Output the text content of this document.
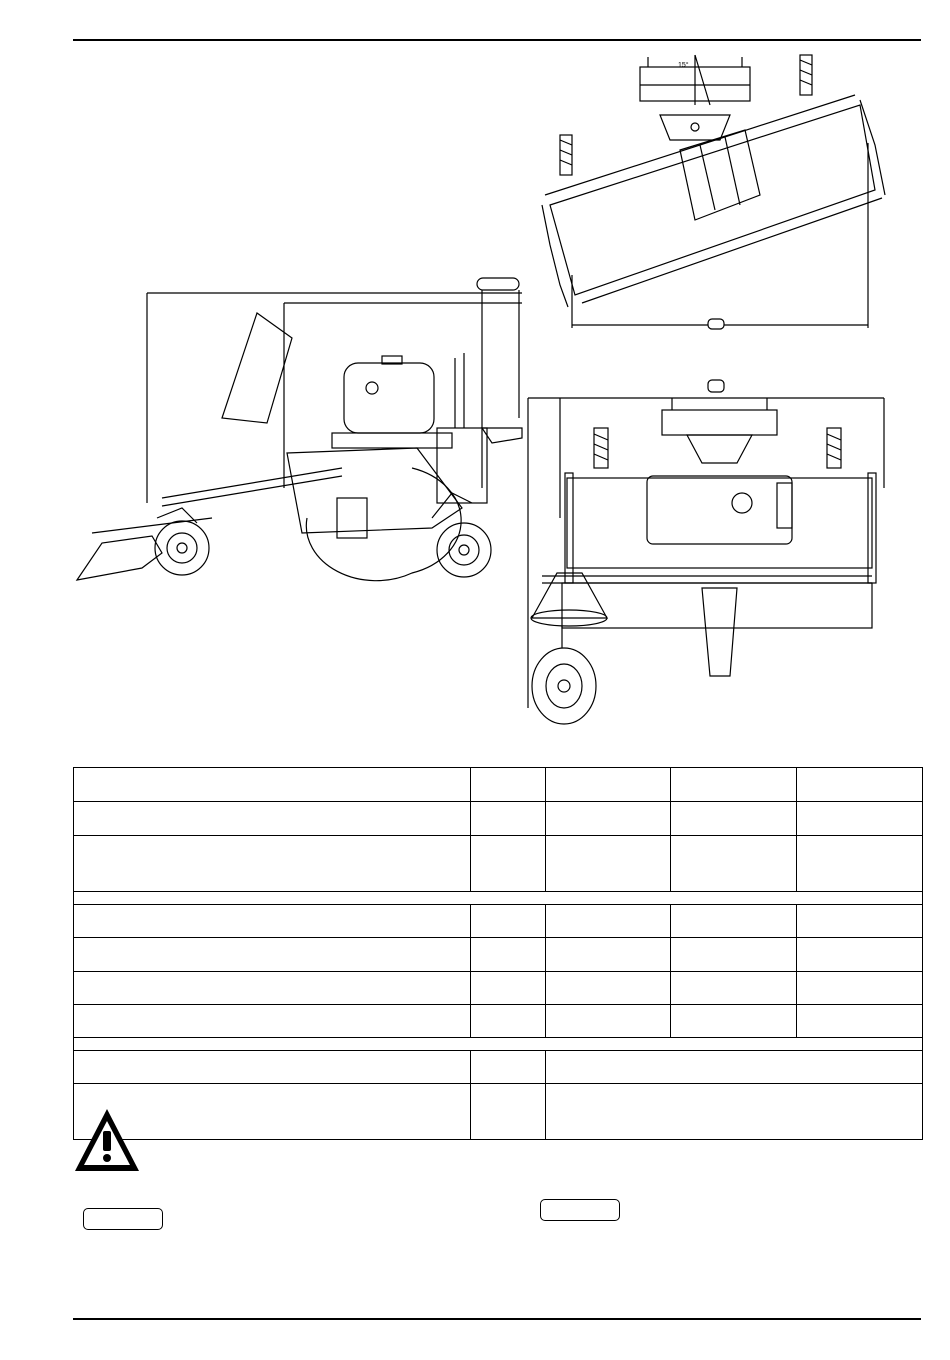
15°
